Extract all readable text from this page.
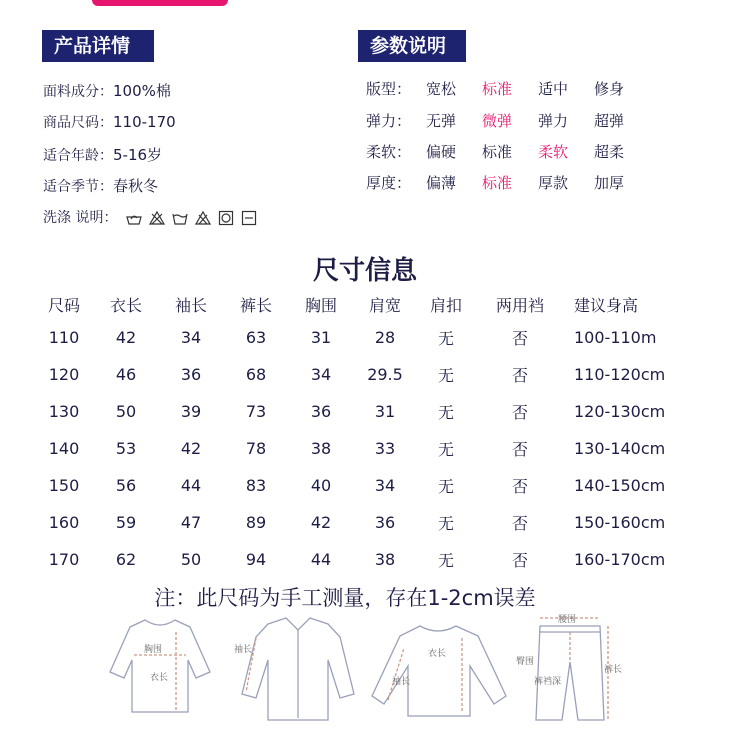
产品详情	参数说明
面料成分：100%棉
商品尺码：110-170
适合年龄：5-16岁
适合季节：春秋冬
洗涤 说明：
版型： 宽松	标准	适中	修身
弹力： 无弹	微弹	弹力	超弹
柔软： 偏硬	标准	柔软	超柔
厚度： 偏薄	标准	厚款	加厚
尺寸信息
尺码	衣长	袖长	裤长	胸围	肩宽	肩扣	两用裆	建议身高
110	42	34	63	31	28	无	否	100-110m
120	46	36	68	34	29.5	无	否	110-120cm
130	50	39	73	36	31	无	否	120-130cm
140	53	42	78	38	33	无	否	130-140cm
150	56	44	83	40	34	无	否	140-150cm
160	59	47	89	42	36	无	否	150-160cm
170	62	50	94	44	38	无	否	160-170cm
注：此尺码为手工测量，存在1-2cm误差
胸围
衣长
袖长	衣长
袖长
腰围
臀围
裤长
裤裆深
